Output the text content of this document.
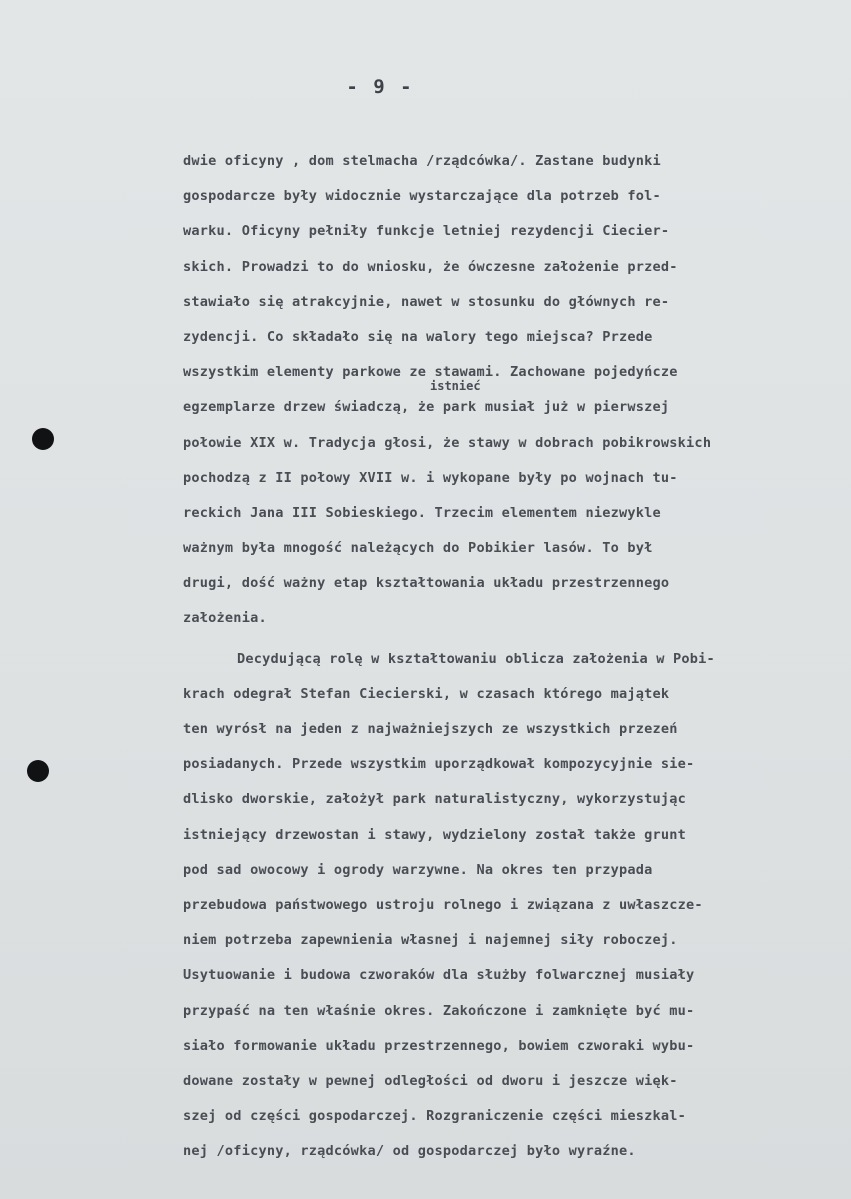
- 9 -
istnieć
dwie oficyny , dom stelmacha /rządcówka/. Zastane budynki
gospodarcze były widocznie wystarczające dla potrzeb fol-
warku. Oficyny pełniły funkcje letniej rezydencji Ciecier-
skich. Prowadzi to do wniosku, że ówczesne założenie przed-
stawiało się atrakcyjnie, nawet w stosunku do głównych re-
zydencji. Co składało się na walory tego miejsca? Przede
wszystkim elementy parkowe ze stawami. Zachowane pojedyńcze
egzemplarze drzew świadczą, że park musiał już w pierwszej
połowie XIX w. Tradycja głosi, że stawy w dobrach pobikrowskich
pochodzą z II połowy XVII w. i wykopane były po wojnach tu-
reckich Jana III Sobieskiego. Trzecim elementem niezwykle
ważnym była mnogość należących do Pobikier lasów. To był
drugi, dość ważny etap kształtowania układu przestrzennego
założenia.
Decydującą rolę w kształtowaniu oblicza założenia w Pobi-
krach odegrał Stefan Ciecierski, w czasach którego majątek
ten wyrósł na jeden z najważniejszych ze wszystkich przezeń
posiadanych. Przede wszystkim uporządkował kompozycyjnie sie-
dlisko dworskie, założył park naturalistyczny, wykorzystując
istniejący drzewostan i stawy, wydzielony został także grunt
pod sad owocowy i ogrody warzywne. Na okres ten przypada
przebudowa państwowego ustroju rolnego i związana z uwłaszcze-
niem potrzeba zapewnienia własnej i najemnej siły roboczej.
Usytuowanie i budowa czworaków dla służby folwarcznej musiały
przypaść na ten właśnie okres. Zakończone i zamknięte być mu-
siało formowanie układu przestrzennego, bowiem czworaki wybu-
dowane zostały w pewnej odległości od dworu i jeszcze więk-
szej od części gospodarczej. Rozgraniczenie części mieszkal-
nej /oficyny, rządcówka/ od gospodarczej było wyraźne.
